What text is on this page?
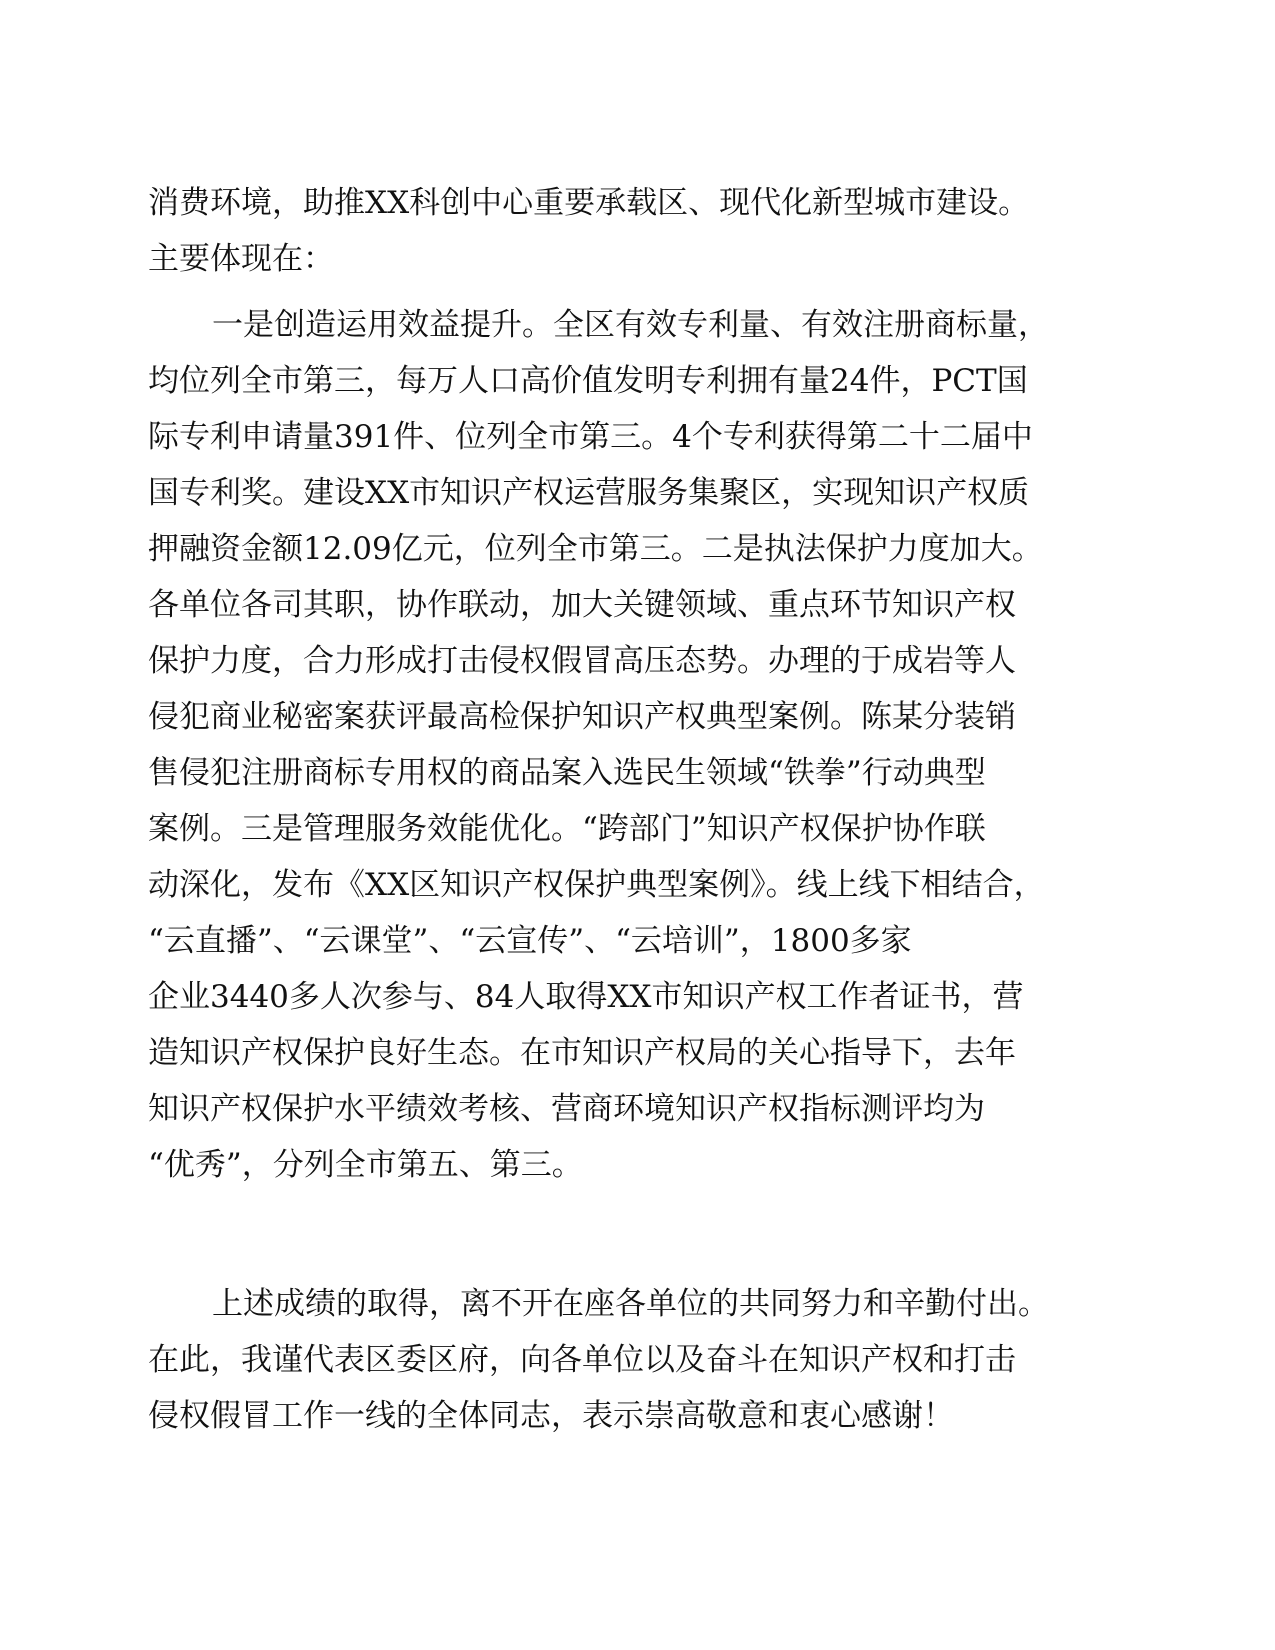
消费环境，助推XX科创中心重要承载区、现代化新型城市建设。
主要体现在：
一是创造运用效益提升。全区有效专利量、有效注册商标量，
均位列全市第三，每万人口高价值发明专利拥有量24件，PCT国
际专利申请量391件、位列全市第三。4个专利获得第二十二届中
国专利奖。建设XX市知识产权运营服务集聚区，实现知识产权质
押融资金额12.09亿元，位列全市第三。二是执法保护力度加大。
各单位各司其职，协作联动，加大关键领域、重点环节知识产权
保护力度，合力形成打击侵权假冒高压态势。办理的于成岩等人
侵犯商业秘密案获评最高检保护知识产权典型案例。陈某分装销
售侵犯注册商标专用权的商品案入选民生领域“铁拳”行动典型
案例。三是管理服务效能优化。“跨部门”知识产权保护协作联
动深化，发布《XX区知识产权保护典型案例》。线上线下相结合，
“云直播”、“云课堂”、“云宣传”、“云培训”，1800多家
企业3440多人次参与、84人取得XX市知识产权工作者证书，营
造知识产权保护良好生态。在市知识产权局的关心指导下，去年
知识产权保护水平绩效考核、营商环境知识产权指标测评均为
“优秀”，分列全市第五、第三。
上述成绩的取得，离不开在座各单位的共同努力和辛勤付出。
在此，我谨代表区委区府，向各单位以及奋斗在知识产权和打击
侵权假冒工作一线的全体同志，表示崇高敬意和衷心感谢！
